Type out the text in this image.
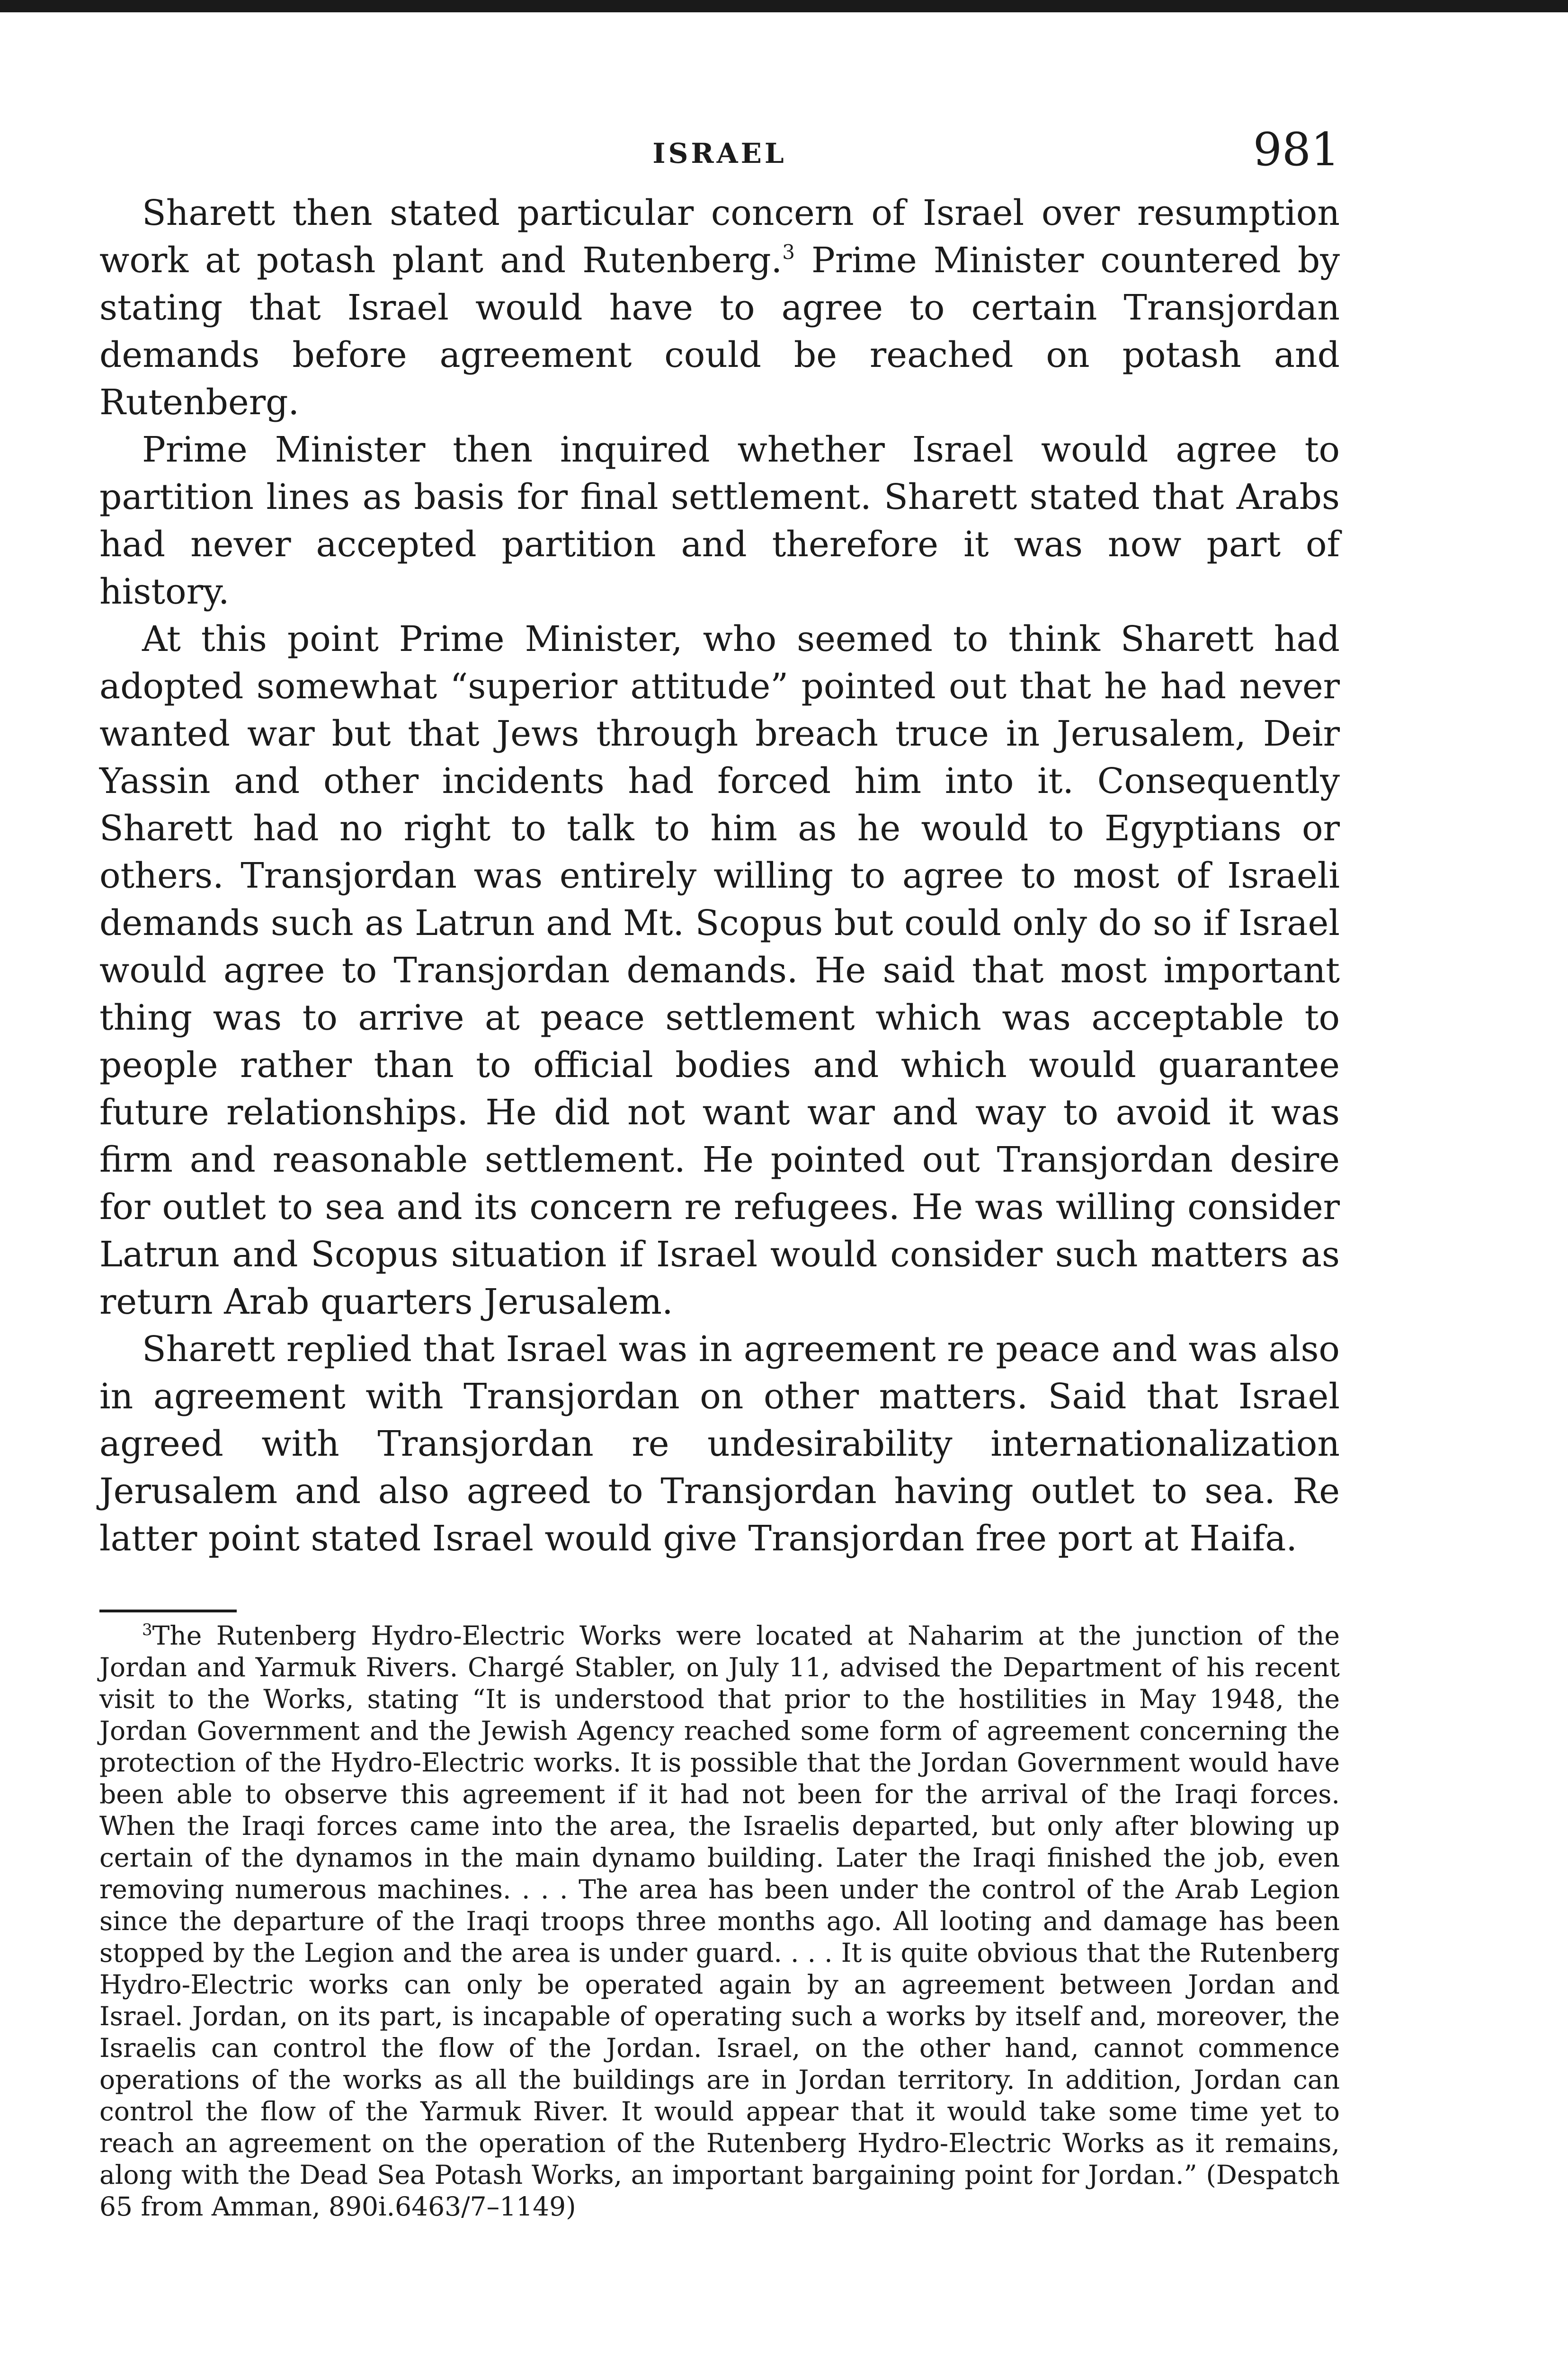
ISRAEL	981

Sharett then stated particular concern of Israel over resumption work at potash plant and Rutenberg.$^3$ Prime Minister countered by stating that Israel would have to agree to certain Transjordan demands before agreement could be reached on potash and Rutenberg.

Prime Minister then inquired whether Israel would agree to partition lines as basis for final settlement. Sharett stated that Arabs had never accepted partition and therefore it was now part of history.

At this point Prime Minister, who seemed to think Sharett had adopted somewhat “superior attitude” pointed out that he had never wanted war but that Jews through breach truce in Jerusalem, Deir Yassin and other incidents had forced him into it. Consequently Sharett had no right to talk to him as he would to Egyptians or others. Transjordan was entirely willing to agree to most of Israeli demands such as Latrun and Mt. Scopus but could only do so if Israel would agree to Transjordan demands. He said that most important thing was to arrive at peace settlement which was acceptable to people rather than to official bodies and which would guarantee future relationships. He did not want war and way to avoid it was firm and reasonable settlement. He pointed out Transjordan desire for outlet to sea and its concern re refugees. He was willing consider Latrun and Scopus situation if Israel would consider such matters as return Arab quarters Jerusalem.

Sharett replied that Israel was in agreement re peace and was also in agreement with Transjordan on other matters. Said that Israel agreed with Transjordan re undesirability internationalization Jerusalem and also agreed to Transjordan having outlet to sea. Re latter point stated Israel would give Transjordan free port at Haifa.

$^3$The Rutenberg Hydro-Electric Works were located at Naharim at the junction of the Jordan and Yarmuk Rivers. Chargé Stabler, on July 11, advised the Department of his recent visit to the Works, stating “It is understood that prior to the hostilities in May 1948, the Jordan Government and the Jewish Agency reached some form of agreement concerning the protection of the Hydro-Electric works. It is possible that the Jordan Government would have been able to observe this agreement if it had not been for the arrival of the Iraqi forces. When the Iraqi forces came into the area, the Israelis departed, but only after blowing up certain of the dynamos in the main dynamo building. Later the Iraqi finished the job, even removing numerous machines. . . . The area has been under the control of the Arab Legion since the departure of the Iraqi troops three months ago. All looting and damage has been stopped by the Legion and the area is under guard. . . . It is quite obvious that the Rutenberg Hydro-Electric works can only be operated again by an agreement between Jordan and Israel. Jordan, on its part, is incapable of operating such a works by itself and, moreover, the Israelis can control the flow of the Jordan. Israel, on the other hand, cannot commence operations of the works as all the buildings are in Jordan territory. In addition, Jordan can control the flow of the Yarmuk River. It would appear that it would take some time yet to reach an agreement on the operation of the Rutenberg Hydro-Electric Works as it remains, along with the Dead Sea Potash Works, an important bargaining point for Jordan.” (Despatch 65 from Amman, 890i.6463/7–1149)
